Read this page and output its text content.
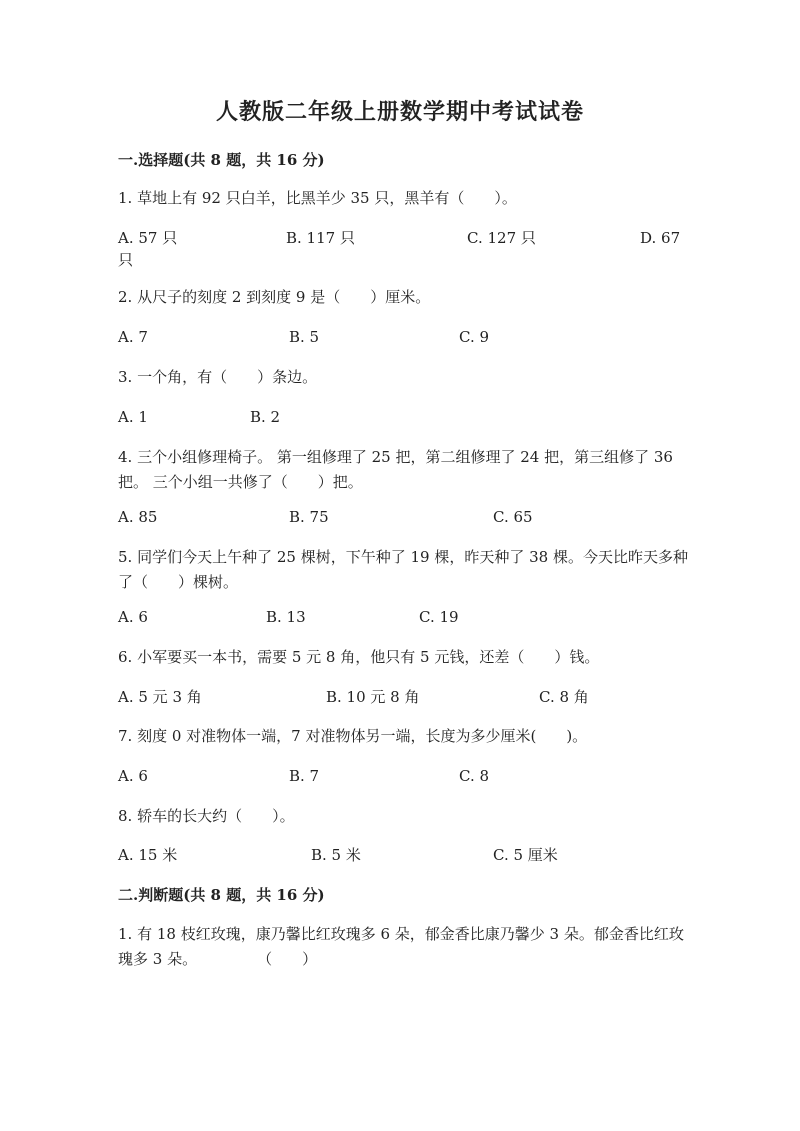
人教版二年级上册数学期中考试试卷
一.选择题(共 8 题，共 16 分)
1. 草地上有 92 只白羊，比黑羊少 35 只，黑羊有（　　）。
A. 57 只	B. 117 只	C. 127 只	D. 67
只
2. 从尺子的刻度 2 到刻度 9 是（　　）厘米。
A. 7	B. 5	C. 9
3. 一个角，有（　　）条边。
A. 1	B. 2
4. 三个小组修理椅子。 第一组修理了 25 把，第二组修理了 24 把，第三组修了 36 把。 三个小组一共修了（　　）把。
A. 85	B. 75	C. 65
5. 同学们今天上午种了 25 棵树，下午种了 19 棵，昨天种了 38 棵。今天比昨天多种了（　　）棵树。
A. 6	B. 13	C. 19
6. 小军要买一本书，需要 5 元 8 角，他只有 5 元钱，还差（　　）钱。
A. 5 元 3 角	B. 10 元 8 角	C. 8 角
7. 刻度 0 对准物体一端，7 对准物体另一端，长度为多少厘米(　　)。
A. 6	B. 7	C. 8
8. 轿车的长大约（　　）。
A. 15 米	B. 5 米	C. 5 厘米
二.判断题(共 8 题，共 16 分)
1. 有 18 枝红玫瑰，康乃馨比红玫瑰多 6 朵，郁金香比康乃馨少 3 朵。郁金香比红玫瑰多 3 朵。　　　　　（　　）
